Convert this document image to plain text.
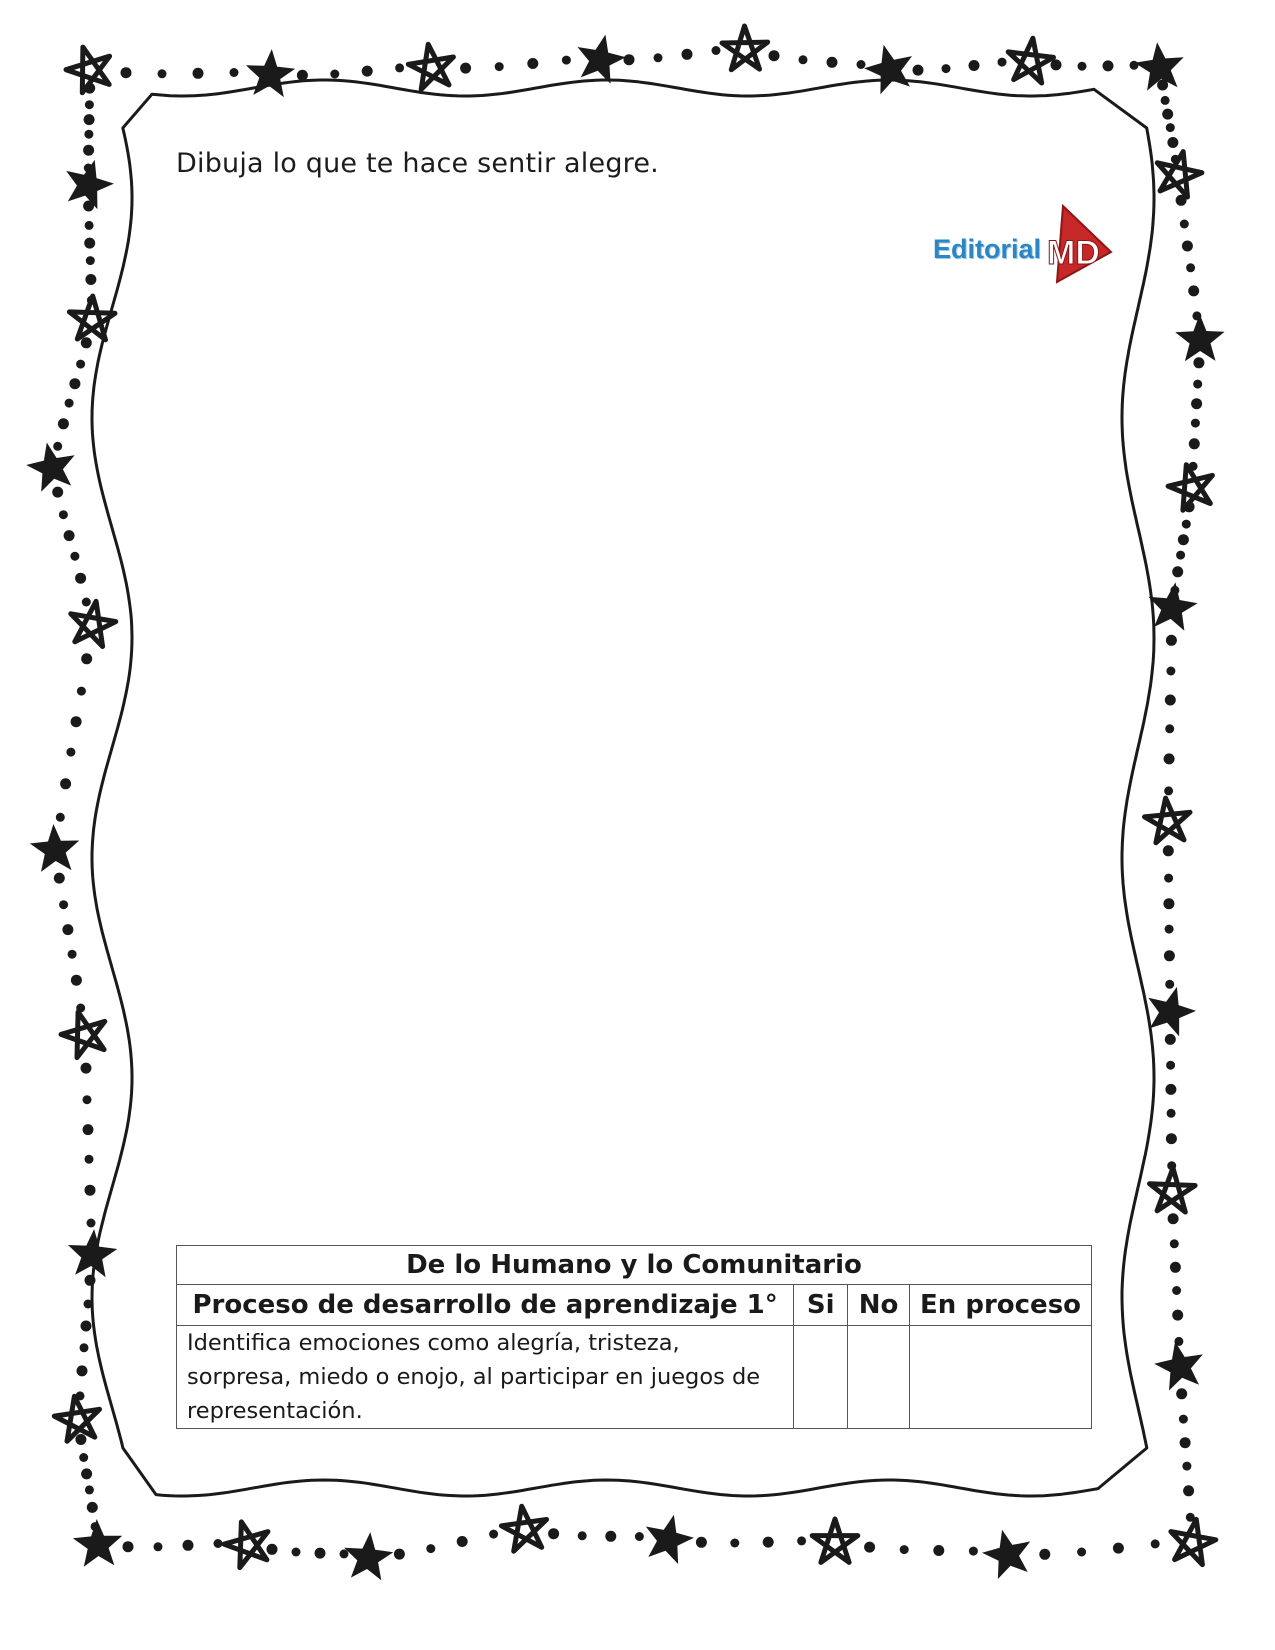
Dibuja lo que te hace sentir alegre.
Editorial MD
De lo Humano y lo Comunitario			
Proceso de desarrollo de aprendizaje 1°	Si	No	En proceso
Identifica emociones como alegría, tristeza, sorpresa, miedo o enojo, al participar en juegos de representación.			
